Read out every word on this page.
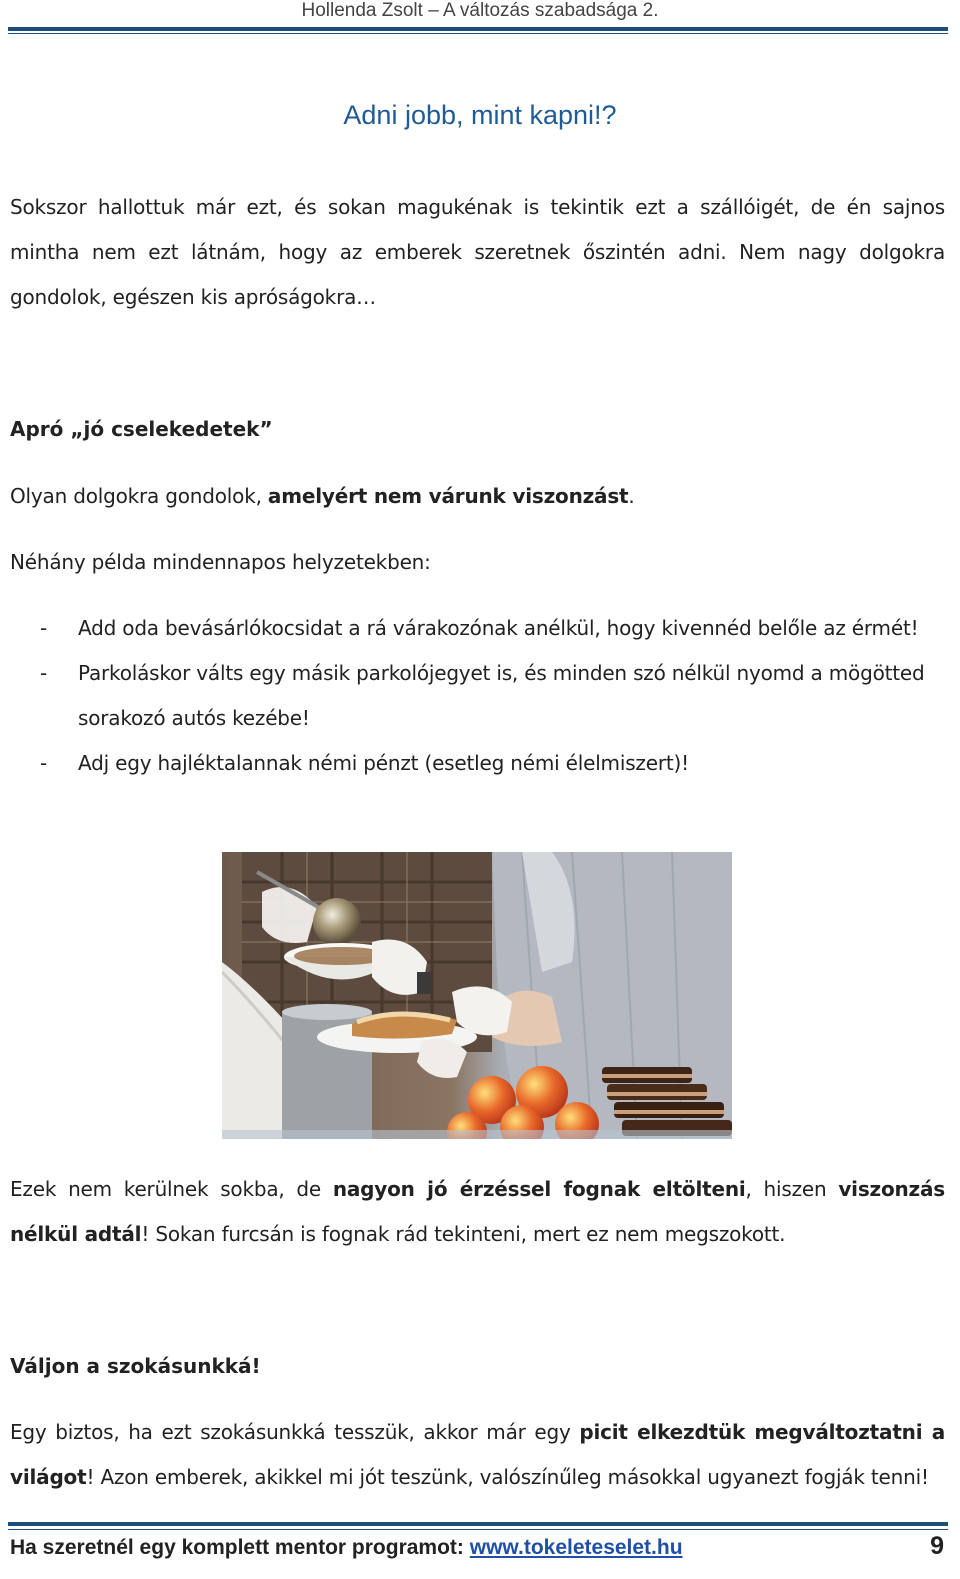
Hollenda Zsolt – A változás szabadsága 2.
Adni jobb, mint kapni!?

Sokszor hallottuk már ezt, és sokan magukénak is tekintik ezt a szállóigét, de én sajnos mintha nem ezt látnám, hogy az emberek szeretnek őszintén adni. Nem nagy dolgokra gondolok, egészen kis apróságokra…

Apró „jó cselekedetek”

Olyan dolgokra gondolok, amelyért nem várunk viszonzást.

Néhány példa mindennapos helyzetekben:

- Add oda bevásárlókocsidat a rá várakozónak anélkül, hogy kivennéd belőle az érmét!
- Parkoláskor válts egy másik parkolójegyet is, és minden szó nélkül nyomd a mögötted sorakozó autós kezébe!
- Adj egy hajléktalannak némi pénzt (esetleg némi élelmiszert)!

Ezek nem kerülnek sokba, de nagyon jó érzéssel fognak eltölteni, hiszen viszonzás nélkül adtál! Sokan furcsán is fognak rád tekinteni, mert ez nem megszokott.

Váljon a szokásunkká!

Egy biztos, ha ezt szokásunkká tesszük, akkor már egy picit elkezdtük megváltoztatni a világot! Azon emberek, akikkel mi jót teszünk, valószínűleg másokkal ugyanezt fogják tenni!

Ha szeretnél egy komplett mentor programot: www.tokeleteselet.hu	9
